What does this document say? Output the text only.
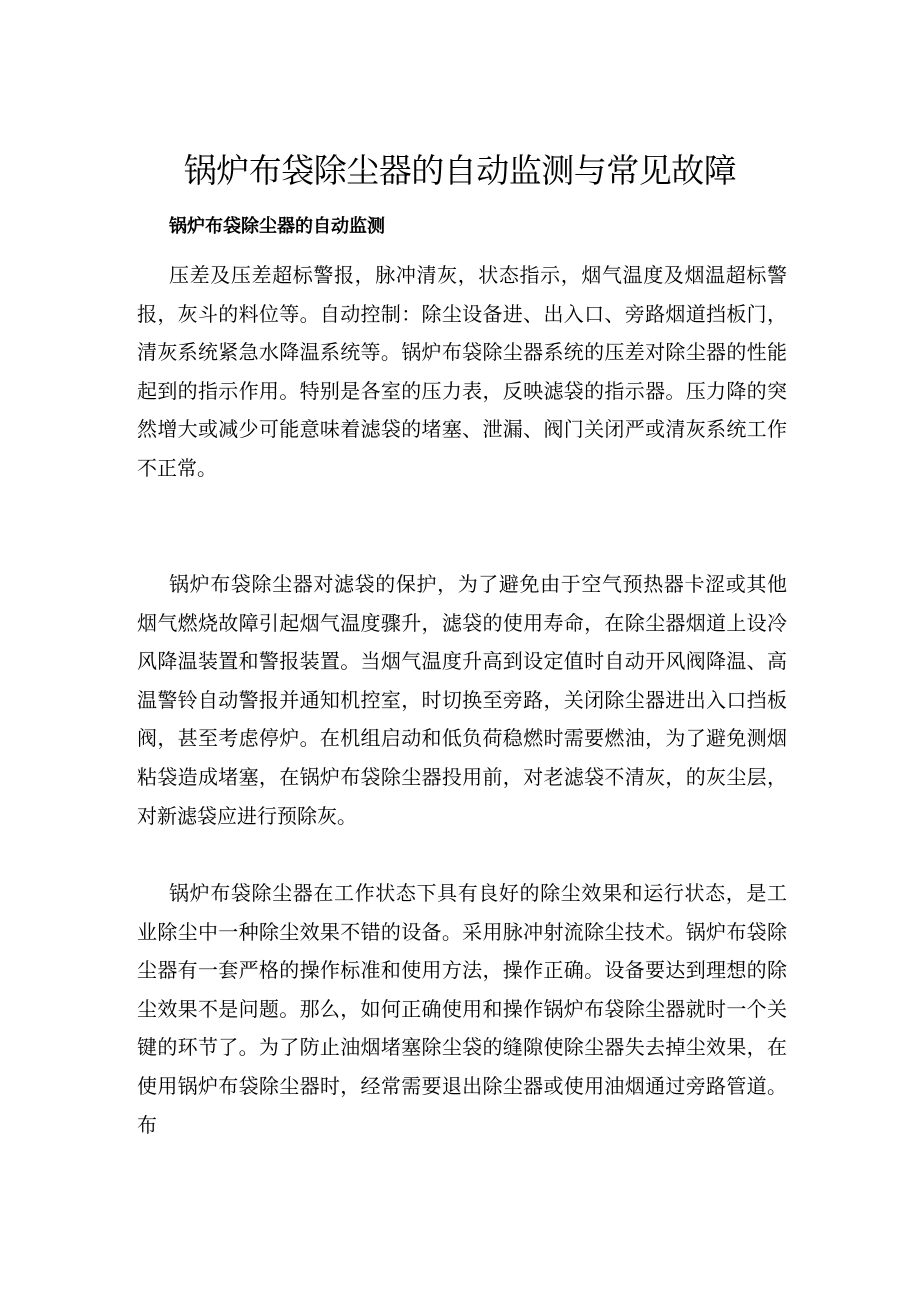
锅炉布袋除尘器的自动监测与常见故障
锅炉布袋除尘器的自动监测

压差及压差超标警报，脉冲清灰，状态指示，烟气温度及烟温超标警报，灰斗的料位等。自动控制：除尘设备进、出入口、旁路烟道挡板门，清灰系统紧急水降温系统等。锅炉布袋除尘器系统的压差对除尘器的性能起到的指示作用。特别是各室的压力表，反映滤袋的指示器。压力降的突然增大或减少可能意味着滤袋的堵塞、泄漏、阀门关闭严或清灰系统工作不正常。

锅炉布袋除尘器对滤袋的保护，为了避免由于空气预热器卡涩或其他烟气燃烧故障引起烟气温度骤升，滤袋的使用寿命，在除尘器烟道上设冷风降温装置和警报装置。当烟气温度升高到设定值时自动开风阀降温、高温警铃自动警报并通知机控室，时切换至旁路，关闭除尘器进出入口挡板阀，甚至考虑停炉。在机组启动和低负荷稳燃时需要燃油，为了避免测烟粘袋造成堵塞，在锅炉布袋除尘器投用前，对老滤袋不清灰，的灰尘层，对新滤袋应进行预除灰。

锅炉布袋除尘器在工作状态下具有良好的除尘效果和运行状态，是工业除尘中一种除尘效果不错的设备。采用脉冲射流除尘技术。锅炉布袋除尘器有一套严格的操作标准和使用方法，操作正确。设备要达到理想的除尘效果不是问题。那么，如何正确使用和操作锅炉布袋除尘器就时一个关键的环节了。为了防止油烟堵塞除尘袋的缝隙使除尘器失去掉尘效果，在使用锅炉布袋除尘器时，经常需要退出除尘器或使用油烟通过旁路管道。布
